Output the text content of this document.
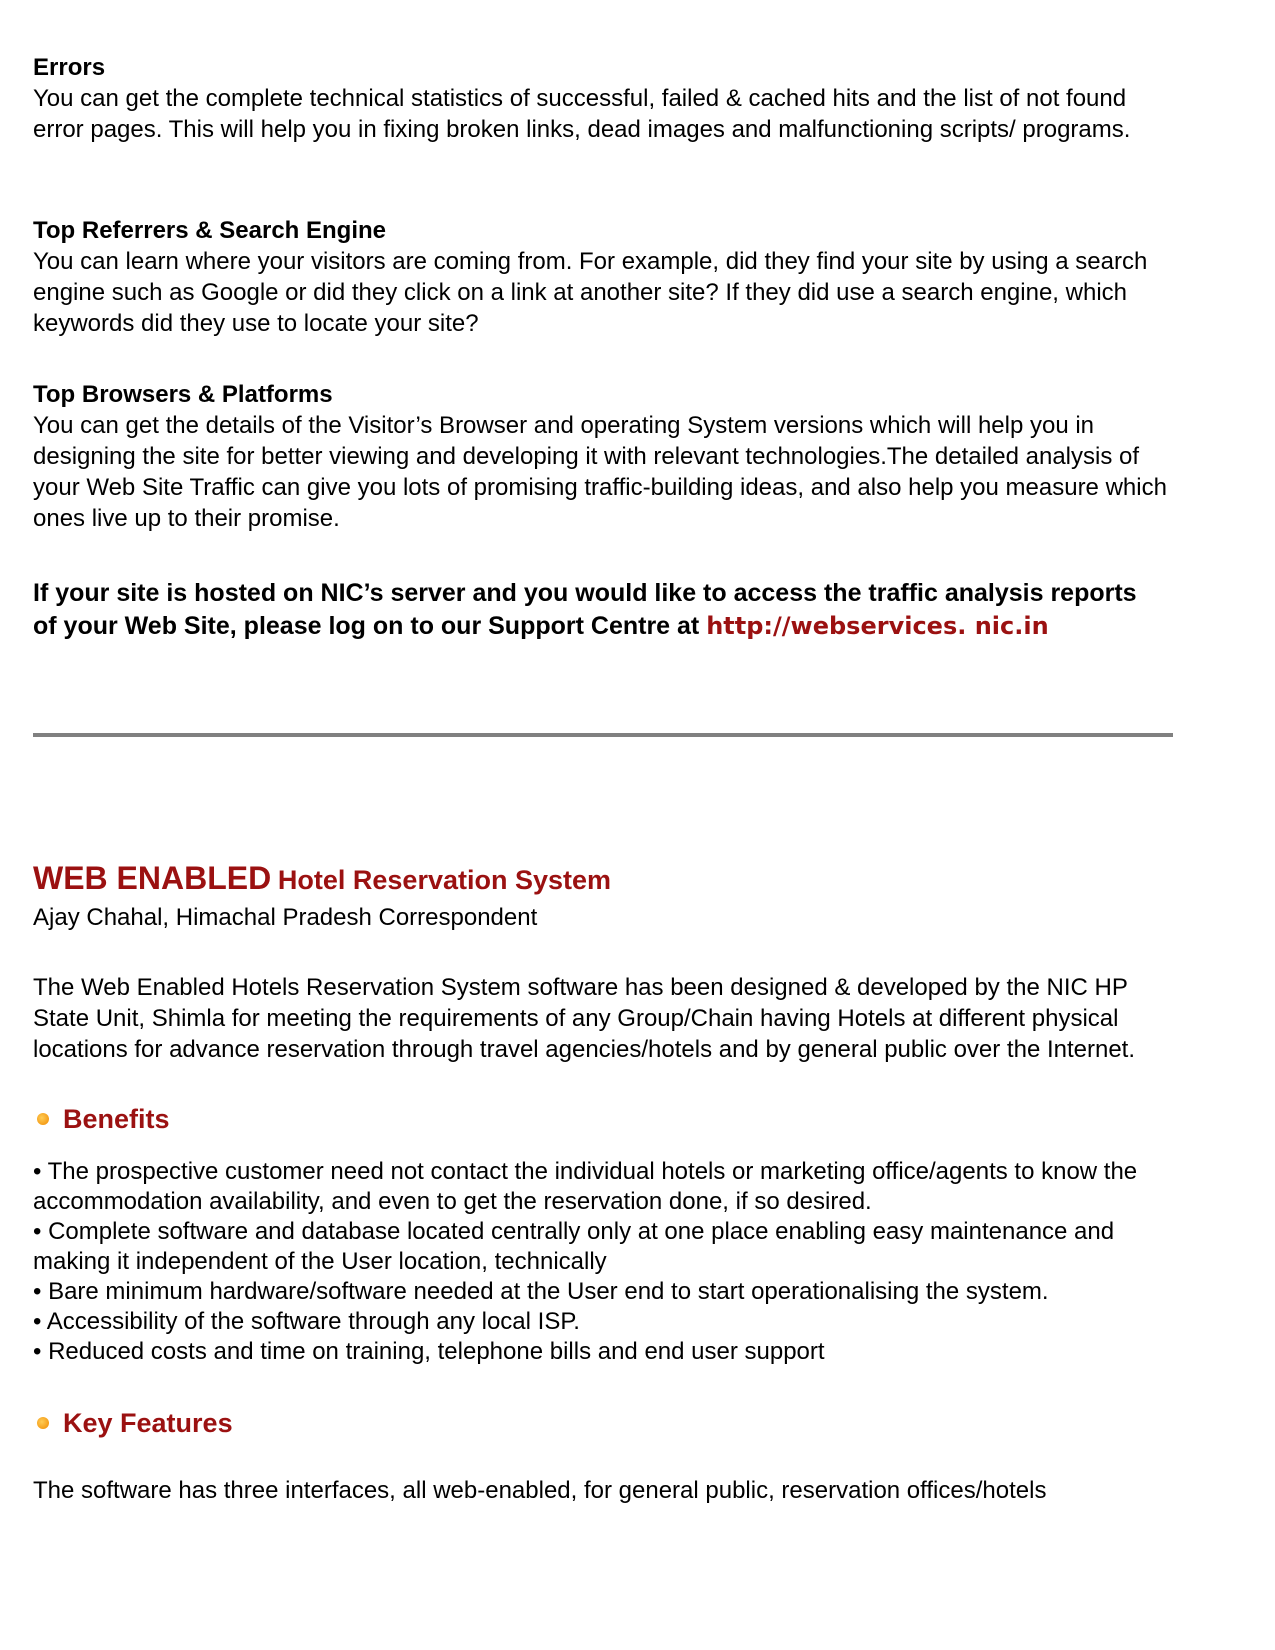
Errors

You can get the complete technical statistics of successful, failed & cached hits and the list of not found error pages. This will help you in fixing broken links, dead images and malfunctioning scripts/ programs.

Top Referrers & Search Engine

You can learn where your visitors are coming from. For example, did they find your site by using a search engine such as Google or did they click on a link at another site? If they did use a search engine, which keywords did they use to locate your site?

Top Browsers & Platforms

You can get the details of the Visitor’s Browser and operating System versions which will help you in designing the site for better viewing and developing it with relevant technologies.The detailed analysis of your Web Site Traffic can give you lots of promising traffic-building ideas, and also help you measure which ones live up to their promise.

If your site is hosted on NIC’s server and you would like to access the traffic analysis reports of your Web Site, please log on to our Support Centre at http://webservices. nic.in

WEB ENABLED Hotel Reservation System

Ajay Chahal, Himachal Pradesh Correspondent

The Web Enabled Hotels Reservation System software has been designed & developed by the NIC HP State Unit, Shimla for meeting the requirements of any Group/Chain having Hotels at different physical locations for advance reservation through travel agencies/hotels and by general public over the Internet.

Benefits
• The prospective customer need not contact the individual hotels or marketing office/agents to know the accommodation availability, and even to get the reservation done, if so desired.
• Complete software and database located centrally only at one place enabling easy maintenance and making it independent of the User location, technically
• Bare minimum hardware/software needed at the User end to start operationalising the system.
• Accessibility of the software through any local ISP.
• Reduced costs and time on training, telephone bills and end user support
Key Features

The software has three interfaces, all web-enabled, for general public, reservation offices/hotels
